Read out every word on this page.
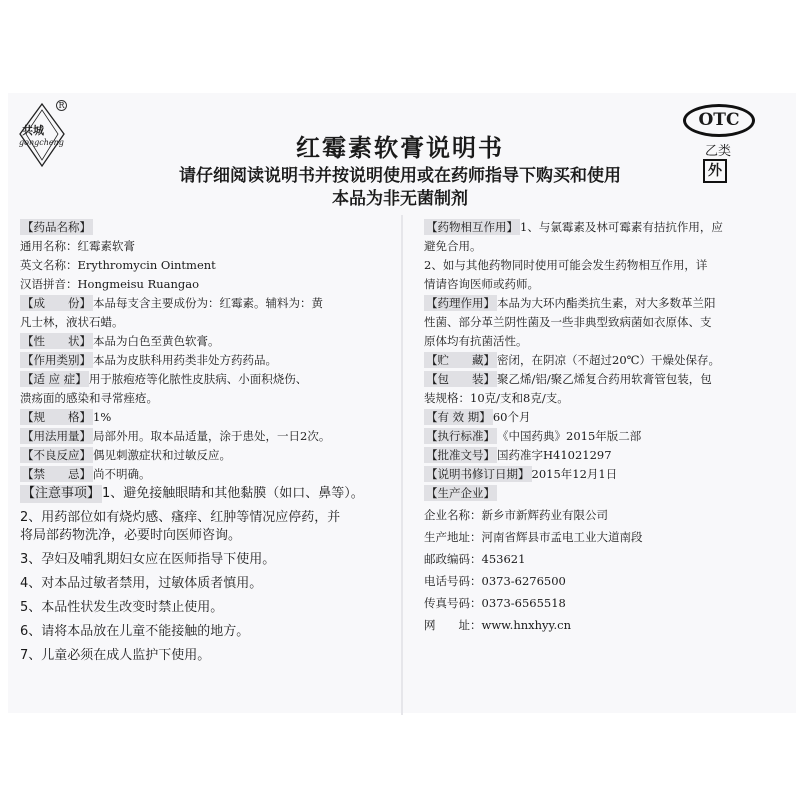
共城
gongcheng
R
红霉素软膏说明书
请仔细阅读说明书并按说明使用或在药师指导下购买和使用
本品为非无菌制剂
OTC
乙类
外
【药品名称】
通用名称：红霉素软膏
英文名称：Erythromycin Ointment
汉语拼音：Hongmeisu Ruangao
【成　　份】 本品每支含主要成份为：红霉素。辅料为：黄
凡士林，液状石蜡。
【性　　状】 本品为白色至黄色软膏。
【作用类别】 本品为皮肤科用药类非处方药药品。
【适 应 症】 用于脓疱疮等化脓性皮肤病、小面积烧伤、
溃疡面的感染和寻常痤疮。
【规　　格】 1%
【用法用量】 局部外用。取本品适量，涂于患处，一日2次。
【不良反应】 偶见刺激症状和过敏反应。
【禁　　忌】 尚不明确。
【注意事项】 1、避免接触眼睛和其他黏膜（如口、鼻等）。
2、用药部位如有烧灼感、瘙痒、红肿等情况应停药，并
将局部药物洗净，必要时向医师咨询。
3、孕妇及哺乳期妇女应在医师指导下使用。
4、对本品过敏者禁用，过敏体质者慎用。
5、本品性状发生改变时禁止使用。
6、请将本品放在儿童不能接触的地方。
7、儿童必须在成人监护下使用。
【药物相互作用】 1、与氯霉素及林可霉素有拮抗作用，应
避免合用。
2、如与其他药物同时使用可能会发生药物相互作用，详
情请咨询医师或药师。
【药理作用】 本品为大环内酯类抗生素，对大多数革兰阳
性菌、部分革兰阴性菌及一些非典型致病菌如衣原体、支
原体均有抗菌活性。
【贮　　藏】 密闭，在阴凉（不超过20℃）干燥处保存。
【包　　装】 聚乙烯/铝/聚乙烯复合药用软膏管包装，包
装规格：10克/支和8克/支。
【有 效 期】 60个月
【执行标准】 《中国药典》2015年版二部
【批准文号】 国药准字H41021297
【说明书修订日期】 2015年12月1日
【生产企业】
企业名称：新乡市新辉药业有限公司
生产地址：河南省辉县市孟电工业大道南段
邮政编码：453621
电话号码：0373-6276500
传真号码：0373-6565518
网　　址：www.hnxhyy.cn
